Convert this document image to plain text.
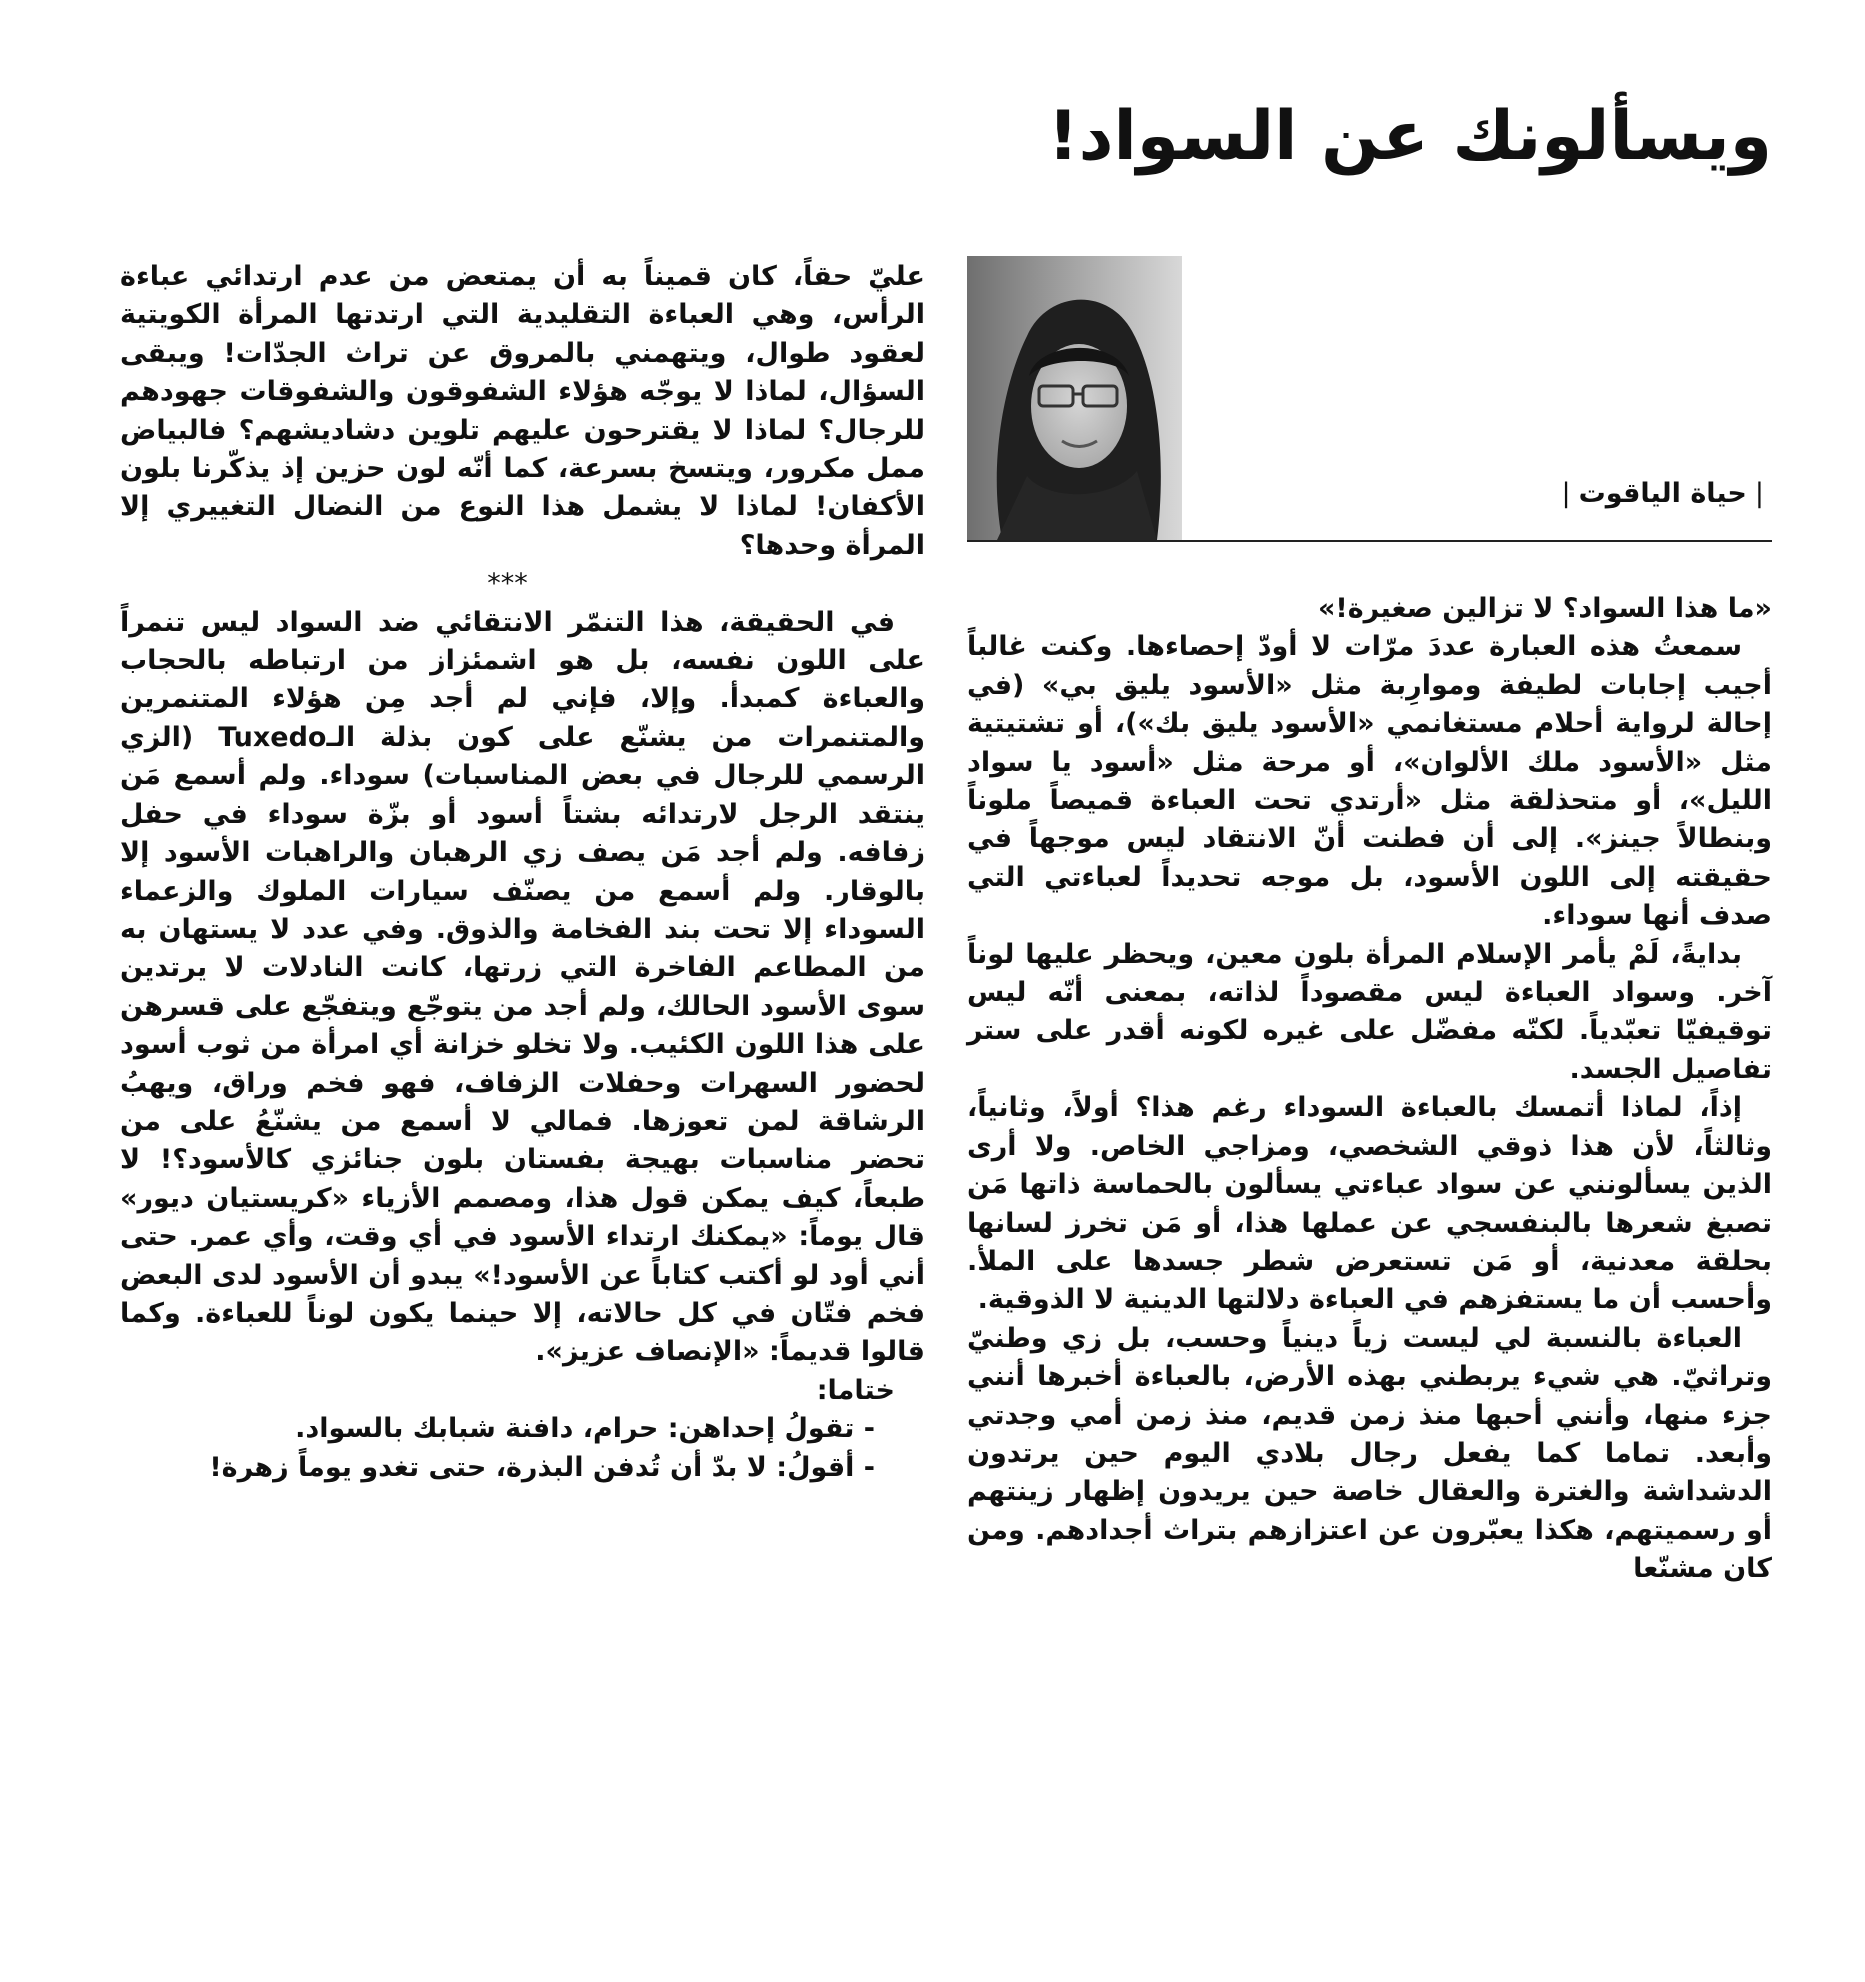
ويسألونك عن السواد!
|حياة الياقوت|

«ما هذا السواد؟ لا تزالين صغيرة!»

سمعتُ هذه العبارة عددَ مرّات لا أودّ إحصاءها. وكنت غالباً أجيب إجابات لطيفة وموارِبة مثل «الأسود يليق بي» (في إحالة لرواية أحلام مستغانمي «الأسود يليق بك»)، أو تشتيتية مثل «الأسود ملك الألوان»، أو مرحة مثل «أسود يا سواد الليل»، أو متحذلقة مثل «أرتدي تحت العباءة قميصاً ملوناً وبنطالاً جينز». إلى أن فطنت أنّ الانتقاد ليس موجهاً في حقيقته إلى اللون الأسود، بل موجه تحديداً لعباءتي التي صدف أنها سوداء.

بدايةً، لَمْ يأمر الإسلام المرأة بلون معين، ويحظر عليها لوناً آخر. وسواد العباءة ليس مقصوداً لذاته، بمعنى أنّه ليس توقيفيّا تعبّدياً. لكنّه مفضّل على غيره لكونه أقدر على ستر تفاصيل الجسد.

إذاً، لماذا أتمسك بالعباءة السوداء رغم هذا؟ أولاً، وثانياً، وثالثاً، لأن هذا ذوقي الشخصي، ومزاجي الخاص. ولا أرى الذين يسألونني عن سواد عباءتي يسألون بالحماسة ذاتها مَن تصبغ شعرها بالبنفسجي عن عملها هذا، أو مَن تخرز لسانها بحلقة معدنية، أو مَن تستعرض شطر جسدها على الملأ. وأحسب أن ما يستفزهم في العباءة دلالتها الدينية لا الذوقية.

العباءة بالنسبة لي ليست زياً دينياً وحسب، بل زي وطنيّ وتراثيّ. هي شيء يربطني بهذه الأرض، بالعباءة أخبرها أنني جزء منها، وأنني أحبها منذ زمن قديم، منذ زمن أمي وجدتي وأبعد. تماما كما يفعل رجال بلادي اليوم حين يرتدون الدشداشة والغترة والعقال خاصة حين يريدون إظهار زينتهم أو رسميتهم، هكذا يعبّرون عن اعتزازهم بتراث أجدادهم. ومن كان مشنّعا

عليّ حقاً، كان قميناً به أن يمتعض من عدم ارتدائي عباءة الرأس، وهي العباءة التقليدية التي ارتدتها المرأة الكويتية لعقود طوال، ويتهمني بالمروق عن تراث الجدّات! ويبقى السؤال، لماذا لا يوجّه هؤلاء الشفوقون والشفوقات جهودهم للرجال؟ لماذا لا يقترحون عليهم تلوين دشاديشهم؟ فالبياض ممل مكرور، ويتسخ بسرعة، كما أنّه لون حزين إذ يذكّرنا بلون الأكفان! لماذا لا يشمل هذا النوع من النضال التغييري إلا المرأة وحدها؟

***

في الحقيقة، هذا التنمّر الانتقائي ضد السواد ليس تنمراً على اللون نفسه، بل هو اشمئزاز من ارتباطه بالحجاب والعباءة كمبدأ. وإلا، فإني لم أجد مِن هؤلاء المتنمرين والمتنمرات من يشنّع على كون بذلة الـTuxedo (الزي الرسمي للرجال في بعض المناسبات) سوداء. ولم أسمع مَن ينتقد الرجل لارتدائه بشتاً أسود أو بزّة سوداء في حفل زفافه. ولم أجد مَن يصف زي الرهبان والراهبات الأسود إلا بالوقار. ولم أسمع من يصنّف سيارات الملوك والزعماء السوداء إلا تحت بند الفخامة والذوق. وفي عدد لا يستهان به من المطاعم الفاخرة التي زرتها، كانت النادلات لا يرتدين سوى الأسود الحالك، ولم أجد من يتوجّع ويتفجّع على قسرهن على هذا اللون الكئيب. ولا تخلو خزانة أي امرأة من ثوب أسود لحضور السهرات وحفلات الزفاف، فهو فخم وراق، ويهبُ الرشاقة لمن تعوزها. فمالي لا أسمع من يشنّعُ على من تحضر مناسبات بهيجة بفستان بلون جنائزي كالأسود؟! لا طبعاً، كيف يمكن قول هذا، ومصمم الأزياء «كريستيان ديور» قال يوماً: «يمكنك ارتداء الأسود في أي وقت، وأي عمر. حتى أني أود لو أكتب كتاباً عن الأسود!» يبدو أن الأسود لدى البعض فخم فتّان في كل حالاته، إلا حينما يكون لوناً للعباءة. وكما قالوا قديماً: «الإنصاف عزيز».

ختاما:

- تقولُ إحداهن: حرام، دافنة شبابك بالسواد.

- أقولُ: لا بدّ أن تُدفن البذرة، حتى تغدو يوماً زهرة!
